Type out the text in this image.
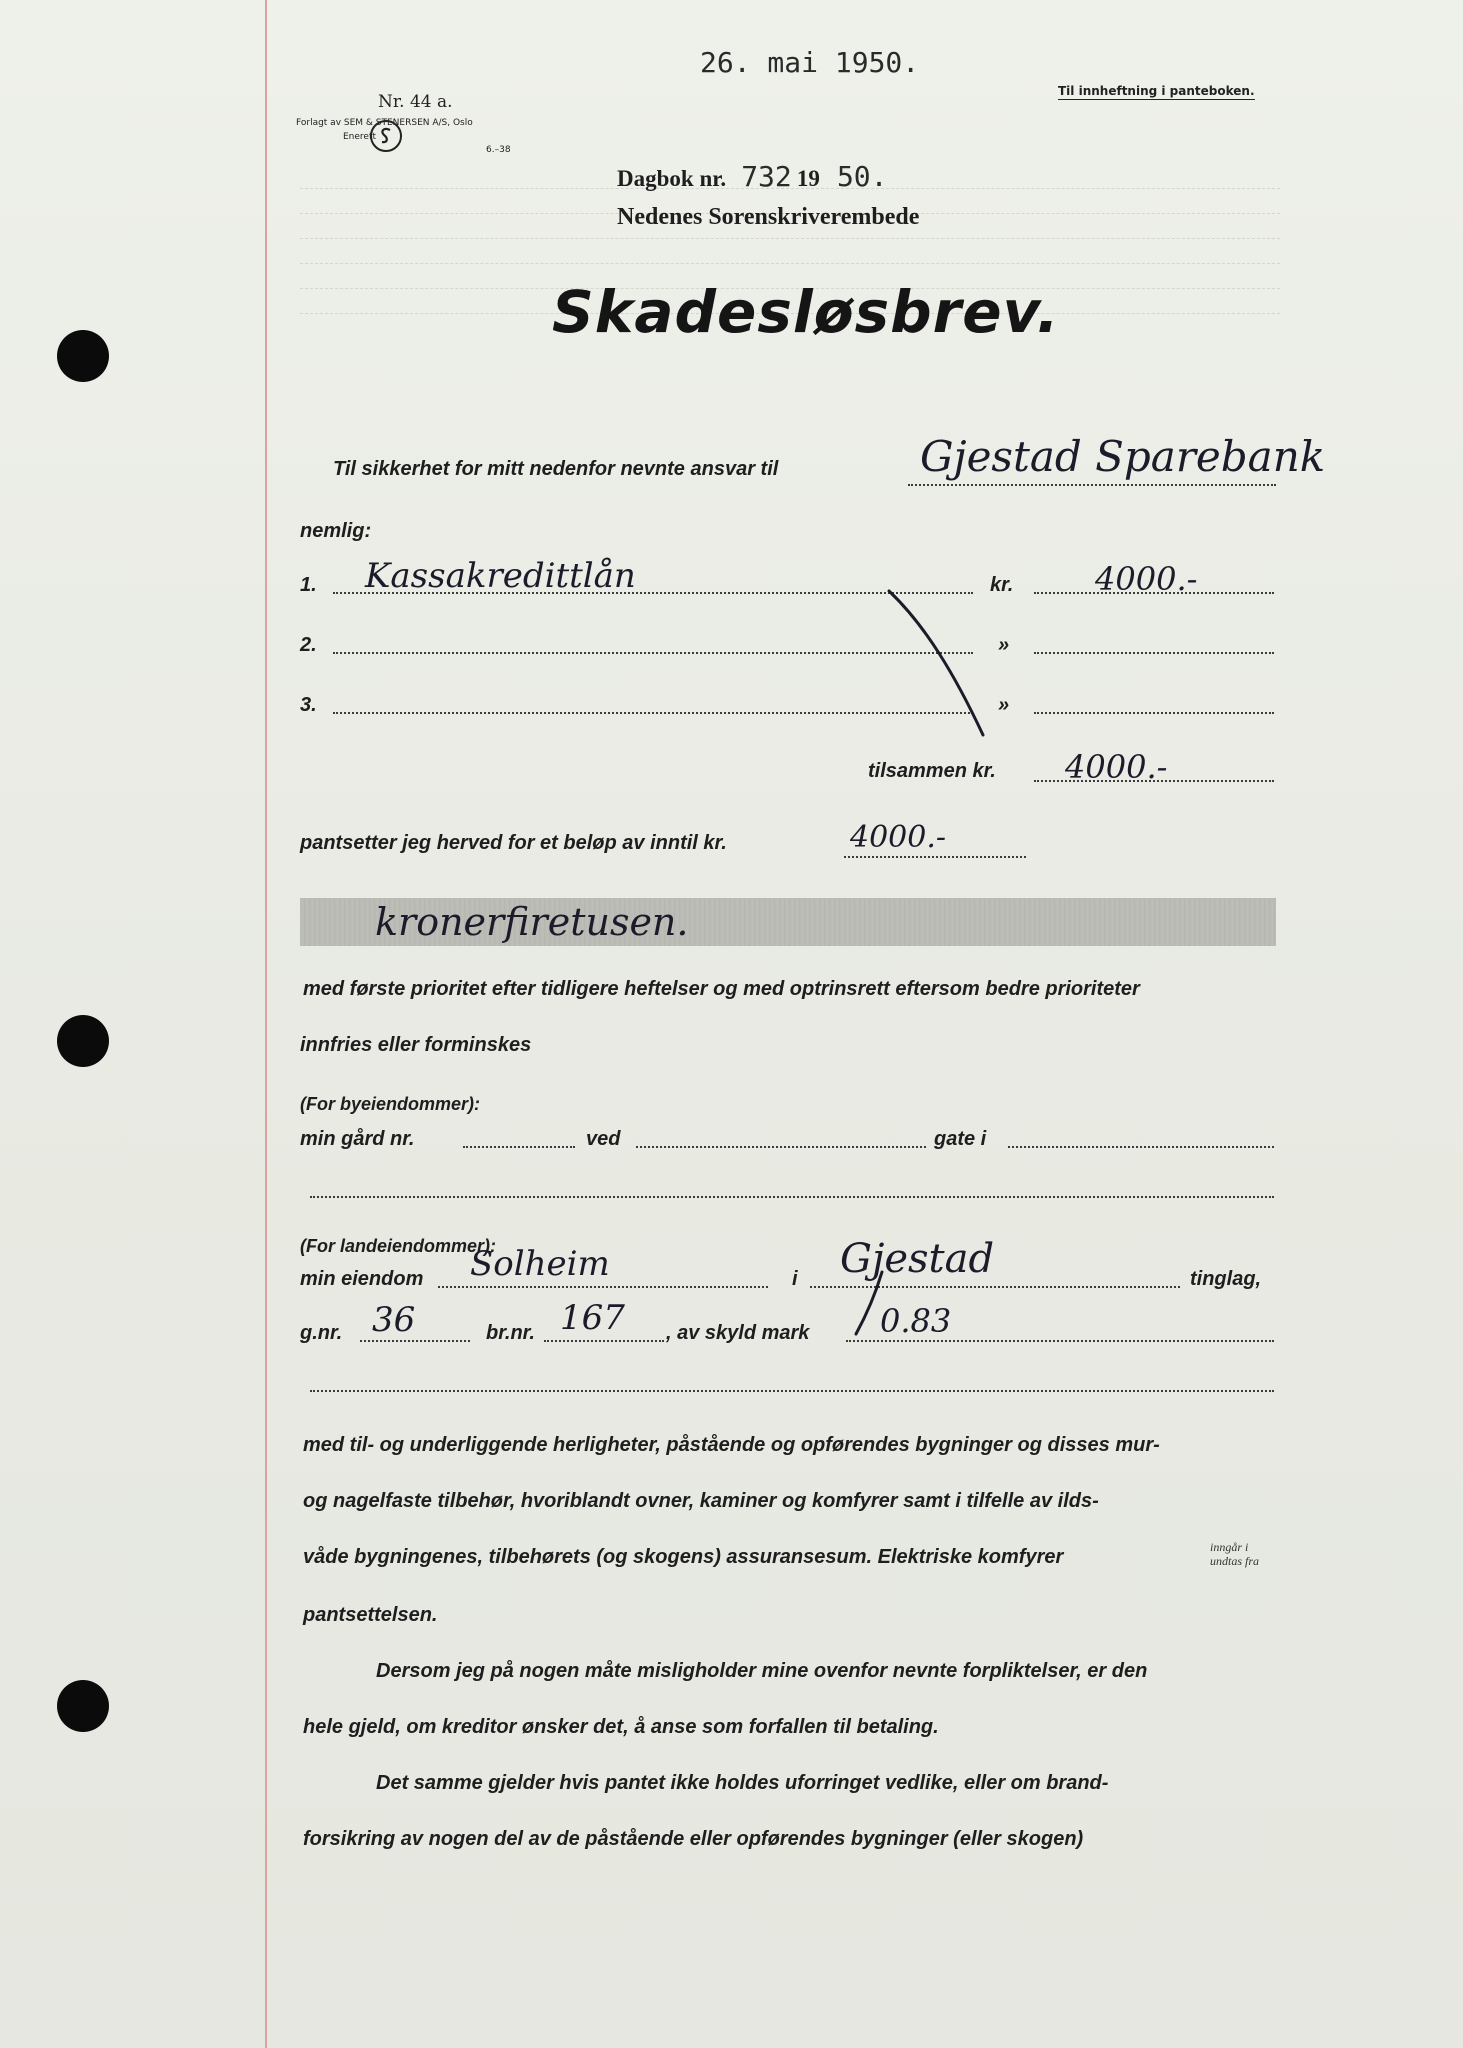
26. mai 1950.
Nr. 44 a.
Forlagt av SEM & STENERSEN A/S, Oslo
Enerett
6.–38
Til innheftning i panteboken.
Dagbok nr. 732 19 50.
Nedenes Sorenskriverembede
Skadesløsbrev.
Til sikkerhet for mitt nedenfor nevnte ansvar til	Gjestad Sparebank
nemlig:
1. Kassakredittlån	kr.	4000.-
2.	»
3.	»
tilsammen kr. 4000.-
pantsetter jeg herved for et beløp av inntil kr.	4000.-
kronerfiretusen.
med første prioritet efter tidligere heftelser og med optrinsrett eftersom bedre prioriteter
innfries eller forminskes
(For byeiendommer):
min gård nr.	ved	gate i
(For landeiendommer):
min eiendom Solheim	i Gjestad	tinglag,
g.nr. 36	br.nr. 167 , av skyld mark 0.83
med til- og underliggende herligheter, påstående og opførendes bygninger og disses mur-
og nagelfaste tilbehør, hvoriblandt ovner, kaminer og komfyrer samt i tilfelle av ilds-
våde bygningenes, tilbehørets (og skogens) assuransesum. Elektriske komfyrer	inngår i
undtas fra
pantsettelsen.
Dersom jeg på nogen måte misligholder mine ovenfor nevnte forpliktelser, er den
hele gjeld, om kreditor ønsker det, å anse som forfallen til betaling.
Det samme gjelder hvis pantet ikke holdes uforringet vedlike, eller om brand-
forsikring av nogen del av de påstående eller opførendes bygninger (eller skogen)
